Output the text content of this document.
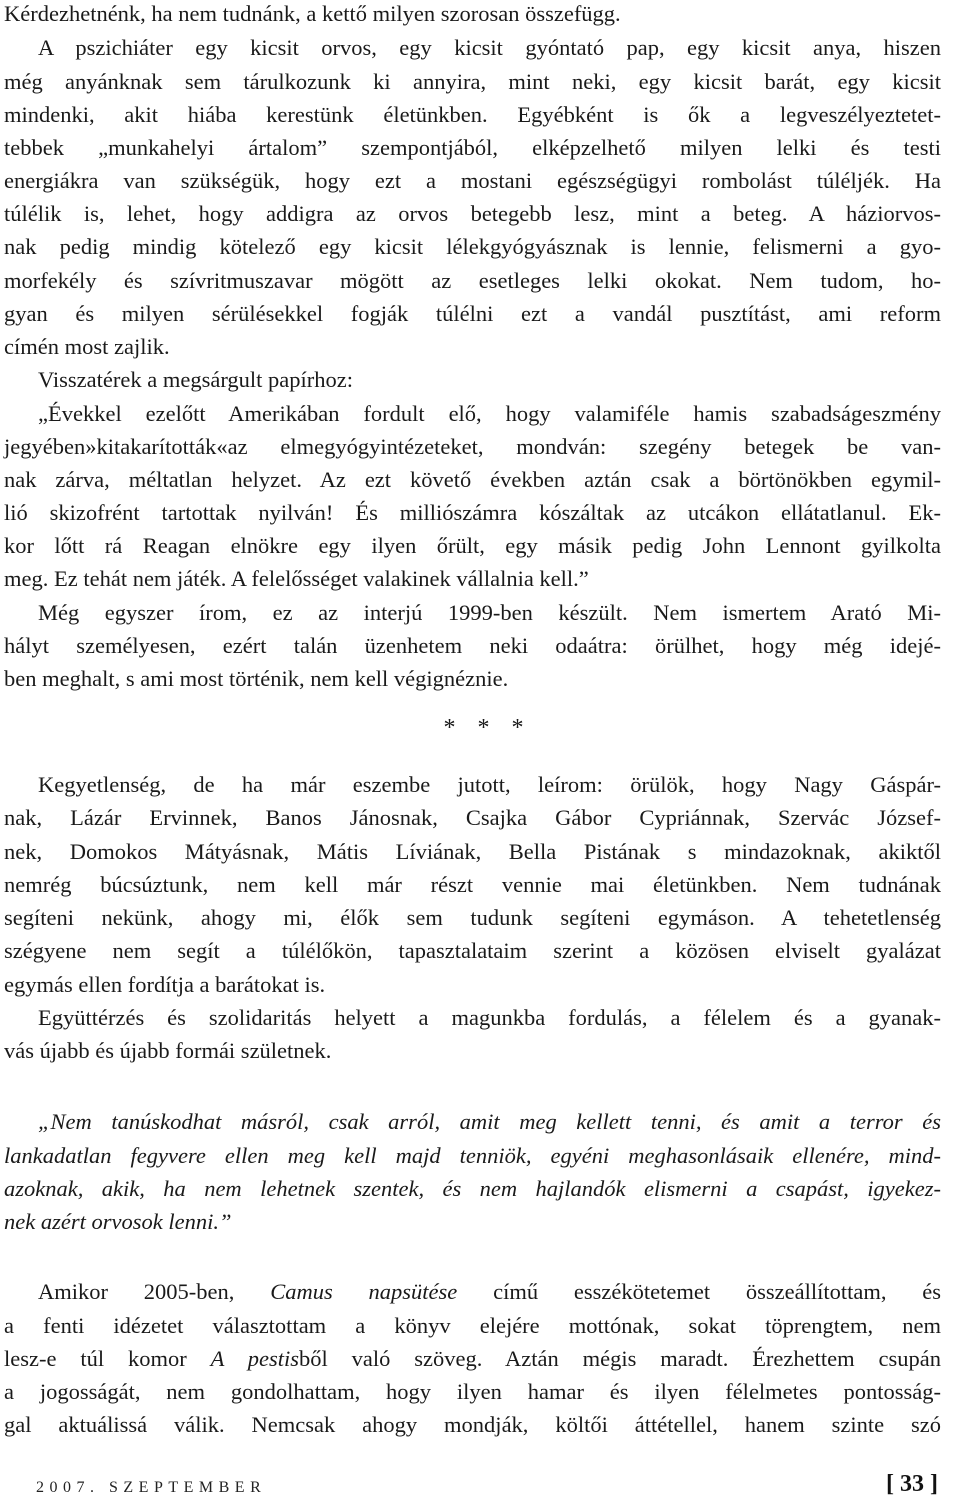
Kérdezhetnénk, ha nem tudnánk, a kettő milyen szorosan összefügg.
A pszichiáter egy kicsit orvos, egy kicsit gyóntató pap, egy kicsit anya, hiszen
még anyánknak sem tárulkozunk ki annyira, mint neki, egy kicsit barát, egy kicsit
mindenki, akit hiába kerestünk életünkben. Egyébként is ők a legveszélyeztetet-
tebbek „munkahelyi ártalom” szempontjából, elképzelhető milyen lelki és testi
energiákra van szükségük, hogy ezt a mostani egészségügyi rombolást túléljék. Ha
túlélik is, lehet, hogy addigra az orvos betegebb lesz, mint a beteg. A háziorvos-
nak pedig mindig kötelező egy kicsit lélekgyógyásznak is lennie, felismerni a gyo-
morfekély és szívritmuszavar mögött az esetleges lelki okokat. Nem tudom, ho-
gyan és milyen sérülésekkel fogják túlélni ezt a vandál pusztítást, ami reform
címén most zajlik.
Visszatérek a megsárgult papírhoz:
„Évekkel ezelőtt Amerikában fordult elő, hogy valamiféle hamis szabadságeszmény
jegyében»kitakarították«az elmegyógyintézeteket, mondván: szegény betegek be van-
nak zárva, méltatlan helyzet. Az ezt követő években aztán csak a börtönökben egymil-
lió skizofrént tartottak nyilván! És milliószámra kószáltak az utcákon ellátatlanul. Ek-
kor lőtt rá Reagan elnökre egy ilyen őrült, egy másik pedig John Lennont gyilkolta
meg. Ez tehát nem játék. A felelősséget valakinek vállalnia kell.”
Még egyszer írom, ez az interjú 1999-ben készült. Nem ismertem Arató Mi-
hályt személyesen, ezért talán üzenhetem neki odaátra: örülhet, hogy még idejé-
ben meghalt, s ami most történik, nem kell végignéznie.
* * *
Kegyetlenség, de ha már eszembe jutott, leírom: örülök, hogy Nagy Gáspár-
nak, Lázár Ervinnek, Banos Jánosnak, Csajka Gábor Cypriánnak, Szervác József-
nek, Domokos Mátyásnak, Mátis Líviának, Bella Pistának s mindazoknak, akiktől
nemrég búcsúztunk, nem kell már részt vennie mai életünkben. Nem tudnának
segíteni nekünk, ahogy mi, élők sem tudunk segíteni egymáson. A tehetetlenség
szégyene nem segít a túlélőkön, tapasztalataim szerint a közösen elviselt gyalázat
egymás ellen fordítja a barátokat is.
Együttérzés és szolidaritás helyett a magunkba fordulás, a félelem és a gyanak-
vás újabb és újabb formái születnek.
„Nem tanúskodhat másról, csak arról, amit meg kellett tenni, és amit a terror és
lankadatlan fegyvere ellen meg kell majd tenniök, egyéni meghasonlásaik ellenére, mind-
azoknak, akik, ha nem lehetnek szentek, és nem hajlandók elismerni a csapást, igyekez-
nek azért orvosok lenni.”
Amikor 2005-ben, Camus napsütése című esszékötetemet összeállítottam, és
a fenti idézetet választottam a könyv elejére mottónak, sokat töprengtem, nem
lesz-e túl komor A pestisből való szöveg. Aztán mégis maradt. Érezhettem csupán
a jogosságát, nem gondolhattam, hogy ilyen hamar és ilyen félelmetes pontosság-
gal aktuálissá válik. Nemcsak ahogy mondják, költői áttétellel, hanem szinte szó
2007. SZEPTEMBER	[ 33 ]
